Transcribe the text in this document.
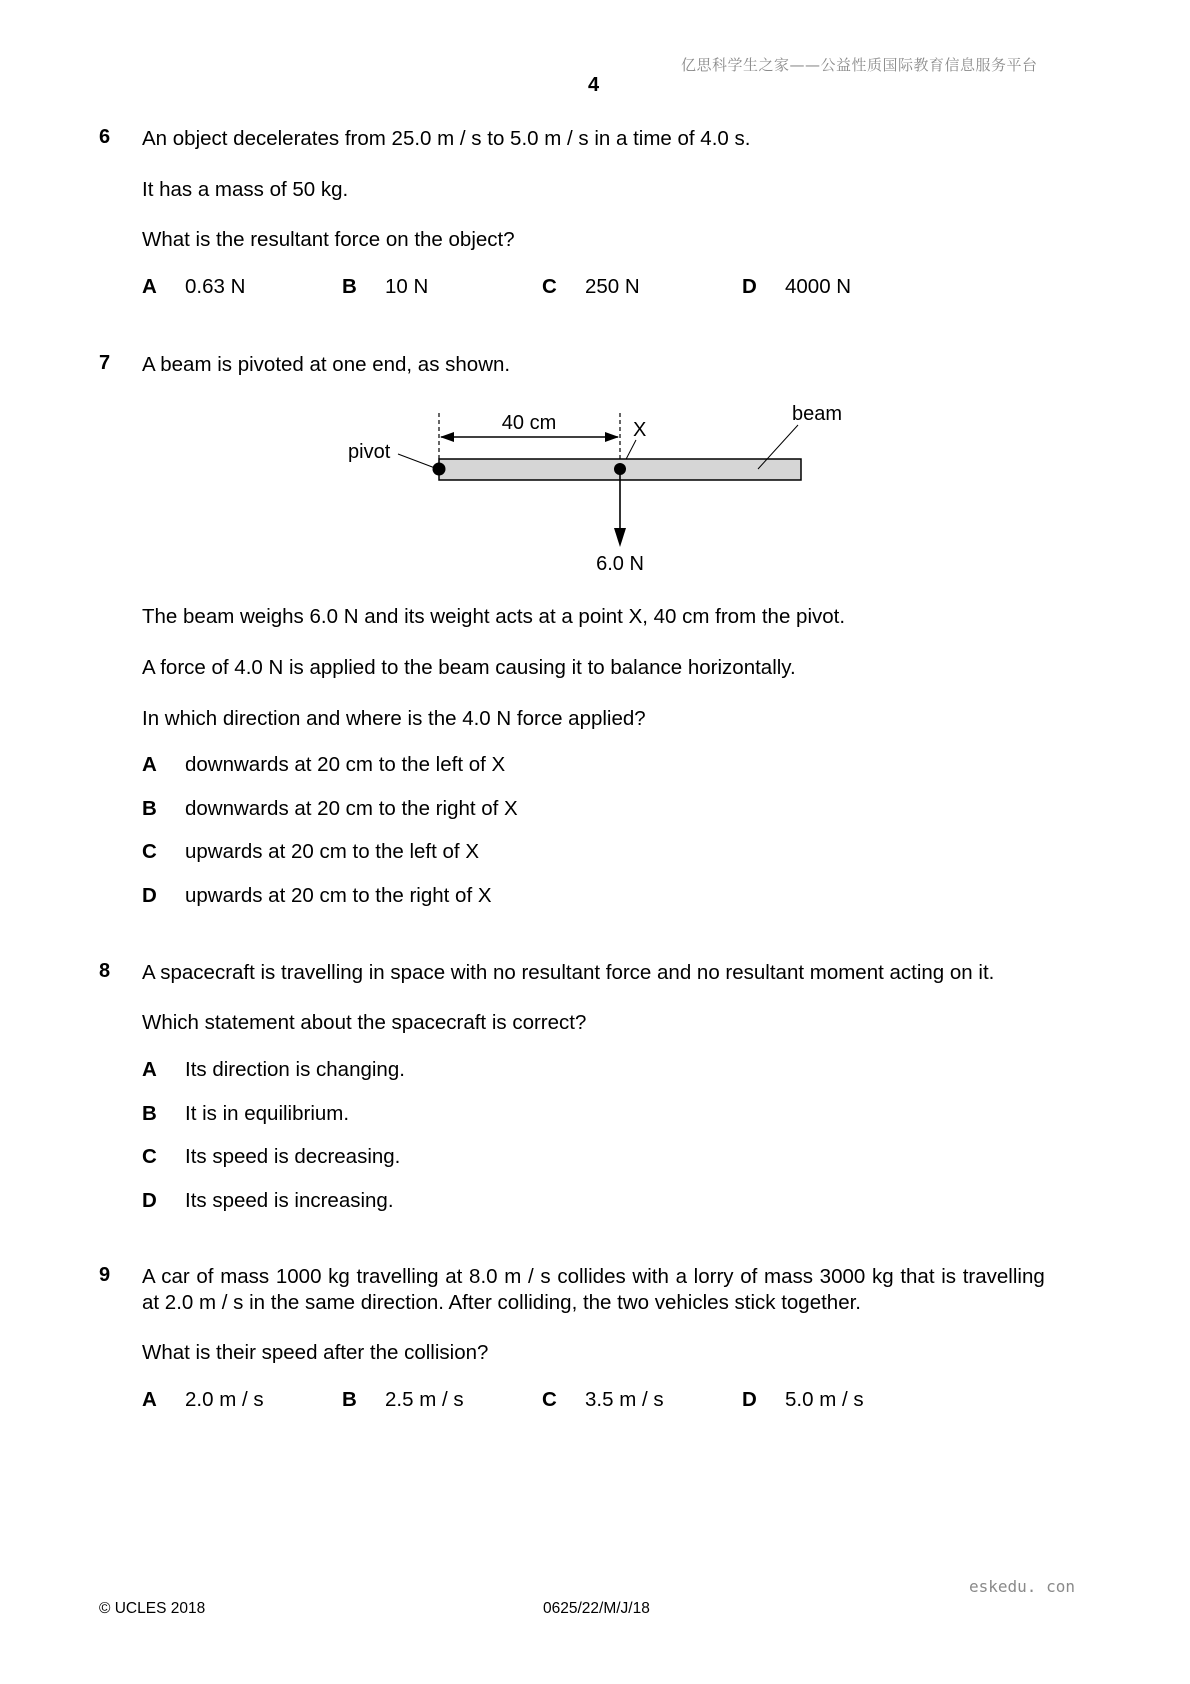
亿思科学生之家——公益性质国际教育信息服务平台
4
6 An object decelerates from 25.0 m / s to 5.0 m / s in a time of 4.0 s.
It has a mass of 50 kg.
What is the resultant force on the object?
A 0.63 N	B 10 N	C 250 N	D 4000 N
7 A beam is pivoted at one end, as shown.
40 cm	X
beam
pivot
6.0 N
The beam weighs 6.0 N and its weight acts at a point X, 40 cm from the pivot.
A force of 4.0 N is applied to the beam causing it to balance horizontally.
In which direction and where is the 4.0 N force applied?
A downwards at 20 cm to the left of X
B downwards at 20 cm to the right of X
C upwards at 20 cm to the left of X
D upwards at 20 cm to the right of X
8 A spacecraft is travelling in space with no resultant force and no resultant moment acting on it.
Which statement about the spacecraft is correct?
A Its direction is changing.
B It is in equilibrium.
C Its speed is decreasing.
D Its speed is increasing.
9 A car of mass 1000 kg travelling at 8.0 m / s collides with a lorry of mass 3000 kg that is travelling
at 2.0 m / s in the same direction. After colliding, the two vehicles stick together.
What is their speed after the collision?
A 2.0 m / s	B 2.5 m / s	C 3.5 m / s	D 5.0 m / s
eskedu. con
© UCLES 2018	0625/22/M/J/18
